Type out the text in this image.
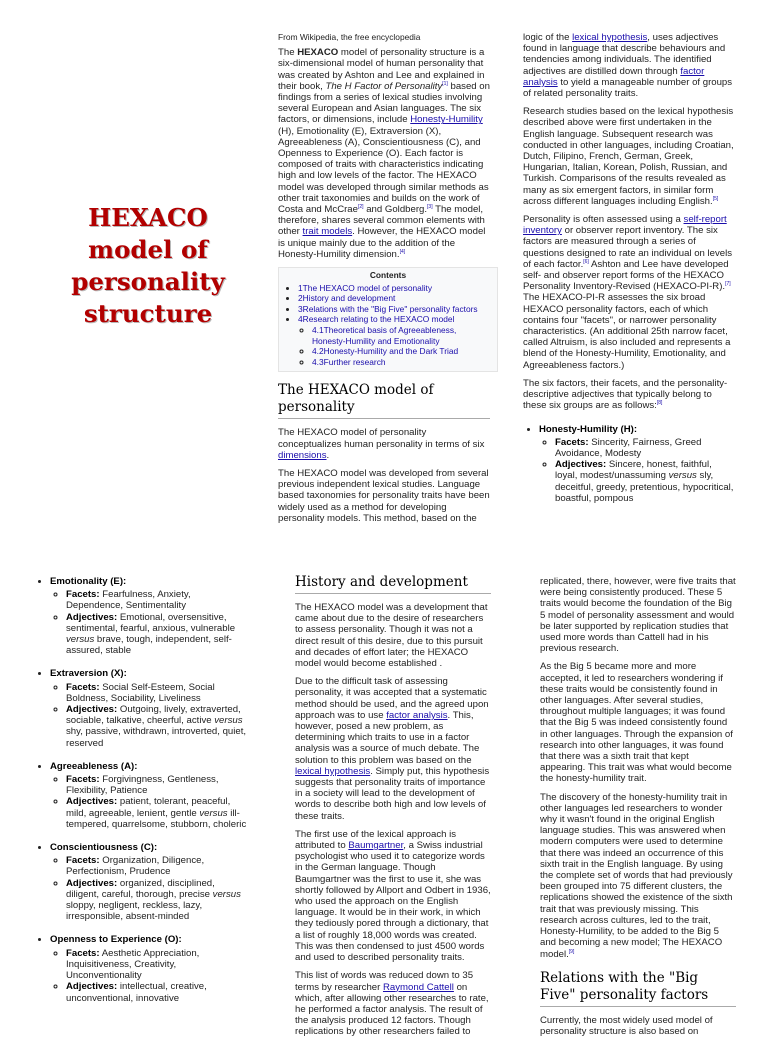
HEXACO model of personality structure
From Wikipedia, the free encyclopedia

The HEXACO model of personality structure is a six-dimensional model of human personality that was created by Ashton and Lee and explained in their book, The H Factor of Personality[1] based on findings from a series of lexical studies involving several European and Asian languages. The six factors, or dimensions, include Honesty-Humility (H), Emotionality (E), Extraversion (X), Agreeableness (A), Conscientiousness (C), and Openness to Experience (O). Each factor is composed of traits with characteristics indicating high and low levels of the factor. The HEXACO model was developed through similar methods as other trait taxonomies and builds on the work of Costa and McCrae[2] and Goldberg.[3] The model, therefore, shares several common elements with other trait models. However, the HEXACO model is unique mainly due to the addition of the Honesty-Humility dimension.[4]

Contents
• 1The HEXACO model of personality
• 2History and development
• 3Relations with the "Big Five" personality factors
• 4Research relating to the HEXACO model
◦ 4.1Theoretical basis of Agreeableness, Honesty-Humility and Emotionality
◦ 4.2Honesty-Humility and the Dark Triad
◦ 4.3Further research
The HEXACO model of personality

The HEXACO model of personality conceptualizes human personality in terms of six dimensions.

The HEXACO model was developed from several previous independent lexical studies. Language based taxonomies for personality traits have been widely used as a method for developing personality models. This method, based on the

logic of the lexical hypothesis, uses adjectives found in language that describe behaviours and tendencies among individuals. The identified adjectives are distilled down through factor analysis to yield a manageable number of groups of related personality traits.

Research studies based on the lexical hypothesis described above were first undertaken in the English language. Subsequent research was conducted in other languages, including Croatian, Dutch, Filipino, French, German, Greek, Hungarian, Italian, Korean, Polish, Russian, and Turkish. Comparisons of the results revealed as many as six emergent factors, in similar form across different languages including English.[5]

Personality is often assessed using a self-report inventory or observer report inventory. The six factors are measured through a series of questions designed to rate an individual on levels of each factor.[6] Ashton and Lee have developed self- and observer report forms of the HEXACO Personality Inventory-Revised (HEXACO-PI-R).[7] The HEXACO-PI-R assesses the six broad HEXACO personality factors, each of which contains four "facets", or narrower personality characteristics. (An additional 25th narrow facet, called Altruism, is also included and represents a blend of the Honesty-Humility, Emotionality, and Agreeableness factors.)

The six factors, their facets, and the personality-descriptive adjectives that typically belong to these six groups are as follows:[8]

• Honesty-Humility (H):
◦ Facets: Sincerity, Fairness, Greed Avoidance, Modesty
◦ Adjectives: Sincere, honest, faithful, loyal, modest/unassuming versus sly, deceitful, greedy, pretentious, hypocritical, boastful, pompous
• Emotionality (E):
◦ Facets: Fearfulness, Anxiety, Dependence, Sentimentality
◦ Adjectives: Emotional, oversensitive, sentimental, fearful, anxious, vulnerable versus brave, tough, independent, self-assured, stable
• Extraversion (X):
◦ Facets: Social Self-Esteem, Social Boldness, Sociability, Liveliness
◦ Adjectives: Outgoing, lively, extraverted, sociable, talkative, cheerful, active versus shy, passive, withdrawn, introverted, quiet, reserved
• Agreeableness (A):
◦ Facets: Forgivingness, Gentleness, Flexibility, Patience
◦ Adjectives: patient, tolerant, peaceful, mild, agreeable, lenient, gentle versus ill-tempered, quarrelsome, stubborn, choleric
• Conscientiousness (C):
◦ Facets: Organization, Diligence, Perfectionism, Prudence
◦ Adjectives: organized, disciplined, diligent, careful, thorough, precise versus sloppy, negligent, reckless, lazy, irresponsible, absent-minded
• Openness to Experience (O):
◦ Facets: Aesthetic Appreciation, Inquisitiveness, Creativity, Unconventionality
◦ Adjectives: intellectual, creative, unconventional, innovative
History and development

The HEXACO model was a development that came about due to the desire of researchers to assess personality. Though it was not a direct result of this desire, due to this pursuit and decades of effort later; the HEXACO model would become established .

Due to the difficult task of assessing personality, it was accepted that a systematic method should be used, and the agreed upon approach was to use factor analysis. This, however, posed a new problem, as determining which traits to use in a factor analysis was a source of much debate. The solution to this problem was based on the lexical hypothesis. Simply put, this hypothesis suggests that personality traits of importance in a society will lead to the development of words to describe both high and low levels of these traits.

The first use of the lexical approach is attributed to Baumgartner, a Swiss industrial psychologist who used it to categorize words in the German language. Though Baumgartner was the first to use it, she was shortly followed by Allport and Odbert in 1936, who used the approach on the English language. It would be in their work, in which they tediously pored through a dictionary, that a list of roughly 18,000 words was created. This was then condensed to just 4500 words and used to described personality traits.

This list of words was reduced down to 35 terms by researcher Raymond Cattell on which, after allowing other researches to rate, he performed a factor analysis. The result of the analysis produced 12 factors. Though replications by other researchers failed to

replicated, there, however, were five traits that were being consistently produced. These 5 traits would become the foundation of the Big 5 model of personality assessment and would be later supported by replication studies that used more words than Cattell had in his previous research.

As the Big 5 became more and more accepted, it led to researchers wondering if these traits would be consistently found in other languages. After several studies, throughout multiple languages; it was found that the Big 5 was indeed consistently found in other languages. Through the expansion of research into other languages, it was found that there was a sixth trait that kept appearing. This trait was what would become the honesty-humility trait.

The discovery of the honesty-humility trait in other languages led researchers to wonder why it wasn't found in the original English language studies. This was answered when modern computers were used to determine that there was indeed an occurrence of this sixth trait in the English language. By using the complete set of words that had previously been grouped into 75 different clusters, the replications showed the existence of the sixth trait that was previously missing. This research across cultures, led to the trait, Honesty-Humility, to be added to the Big 5 and becoming a new model; The HEXACO model.[9]

Relations with the "Big Five" personality factors

Currently, the most widely used model of personality structure is also based on
